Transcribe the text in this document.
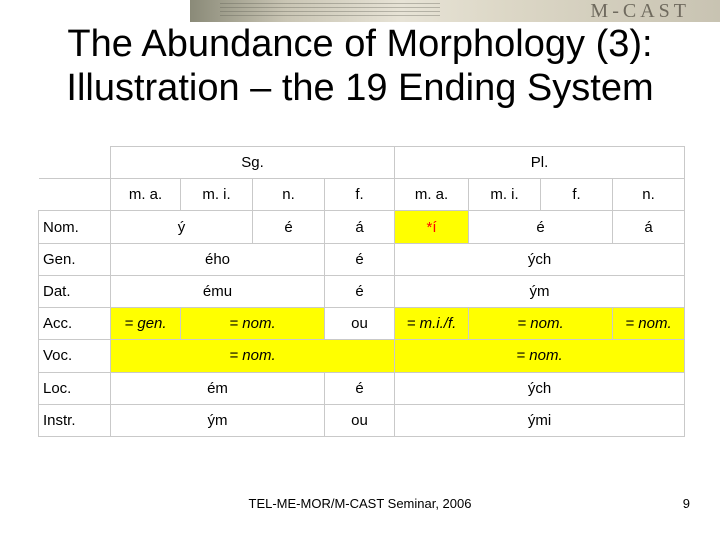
M-CAST
The Abundance of Morphology (3):
Illustration – the 19 Ending System
	Sg.				Pl.			
	m. a.	m. i.	n.	f.	m. a.	m. i.	f.	n.
Nom.	ý		é	á	*í	é		á
Gen.	ého			é	ých			
Dat.	ému			é	ým			
Acc.	= gen.	= nom.		ou	= m.i./f.	= nom.		= nom.
Voc.	= nom.				= nom.			
Loc.	ém			é	ých			
Instr.	ým			ou	ými			
TEL-ME-MOR/M-CAST Seminar, 2006	9
